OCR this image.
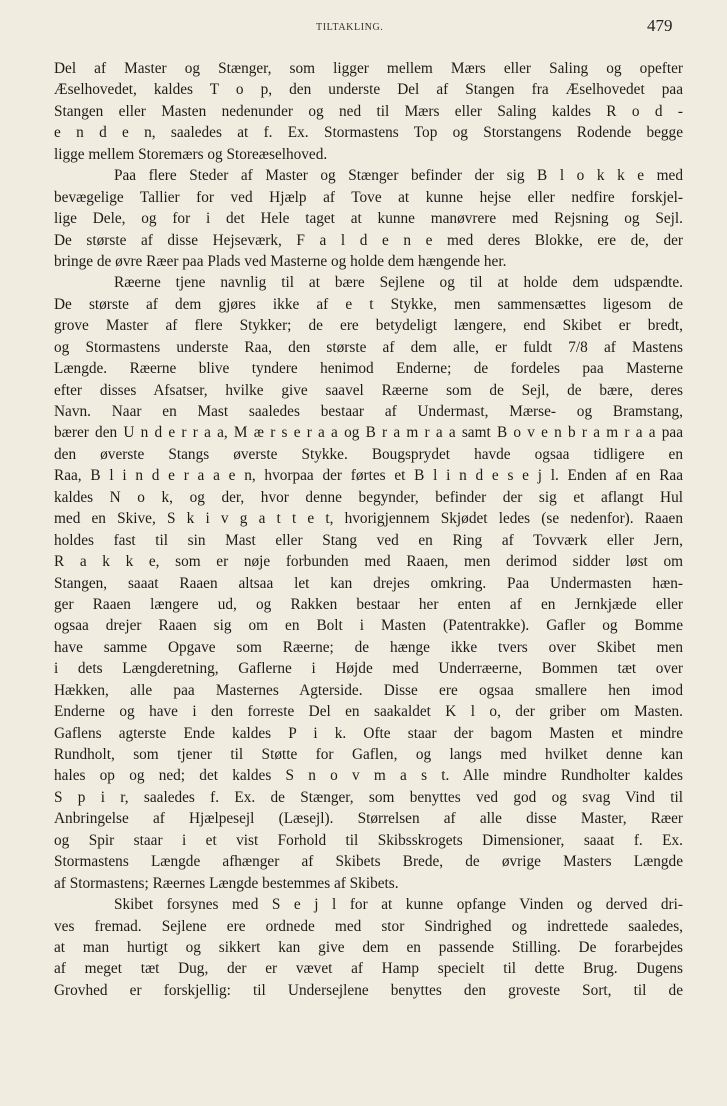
TILTAKLING.	479
Del af Master og Stænger, som ligger mellem Mærs eller Saling og opefter
Æselhovedet, kaldes T o p, den underste Del af Stangen fra Æselhovedet paa
Stangen eller Masten nedenunder og ned til Mærs eller Saling kaldes R o d -
e n d e n, saaledes at f. Ex. Stormastens Top og Storstangens Rodende begge
ligge mellem Storemærs og Storeæselhoved.
Paa flere Steder af Master og Stænger befinder der sig B l o k k e med
bevægelige Tallier for ved Hjælp af Tove at kunne hejse eller nedfire forskjel-
lige Dele, og for i det Hele taget at kunne manøvrere med Rejsning og Sejl.
De største af disse Hejseværk, F a l d e n e med deres Blokke, ere de, der
bringe de øvre Ræer paa Plads ved Masterne og holde dem hængende her.
Ræerne tjene navnlig til at bære Sejlene og til at holde dem udspændte.
De største af dem gjøres ikke af e t Stykke, men sammensættes ligesom de
grove Master af flere Stykker; de ere betydeligt længere, end Skibet er bredt,
og Stormastens underste Raa, den største af dem alle, er fuldt 7/8 af Mastens
Længde. Ræerne blive tyndere henimod Enderne; de fordeles paa Masterne
efter disses Afsatser, hvilke give saavel Ræerne som de Sejl, de bære, deres
Navn. Naar en Mast saaledes bestaar af Undermast, Mærse- og Bramstang,
bærer den U n d e r r a a, M æ r s e r a a og B r a m r a a samt B o v e n b r a m r a a paa
den øverste Stangs øverste Stykke. Bougsprydet havde ogsaa tidligere en
Raa, B l i n d e r a a e n, hvorpaa der førtes et B l i n d e s e j l. Enden af en Raa
kaldes N o k, og der, hvor denne begynder, befinder der sig et aflangt Hul
med en Skive, S k i v g a t t e t, hvorigjennem Skjødet ledes (se nedenfor). Raaen
holdes fast til sin Mast eller Stang ved en Ring af Tovværk eller Jern,
R a k k e, som er nøje forbunden med Raaen, men derimod sidder løst om
Stangen, saaat Raaen altsaa let kan drejes omkring. Paa Undermasten hæn-
ger Raaen længere ud, og Rakken bestaar her enten af en Jernkjæde eller
ogsaa drejer Raaen sig om en Bolt i Masten (Patentrakke). Gafler og Bomme
have samme Opgave som Ræerne; de hænge ikke tvers over Skibet men
i dets Længderetning, Gaflerne i Højde med Underræerne, Bommen tæt over
Hækken, alle paa Masternes Agterside. Disse ere ogsaa smallere hen imod
Enderne og have i den forreste Del en saakaldet K l o, der griber om Masten.
Gaflens agterste Ende kaldes P i k. Ofte staar der bagom Masten et mindre
Rundholt, som tjener til Støtte for Gaflen, og langs med hvilket denne kan
hales op og ned; det kaldes S n o v m a s t. Alle mindre Rundholter kaldes
S p i r, saaledes f. Ex. de Stænger, som benyttes ved god og svag Vind til
Anbringelse af Hjælpesejl (Læsejl). Størrelsen af alle disse Master, Ræer
og Spir staar i et vist Forhold til Skibsskrogets Dimensioner, saaat f. Ex.
Stormastens Længde afhænger af Skibets Brede, de øvrige Masters Længde
af Stormastens; Ræernes Længde bestemmes af Skibets.
Skibet forsynes med S e j l for at kunne opfange Vinden og derved dri-
ves fremad. Sejlene ere ordnede med stor Sindrighed og indrettede saaledes,
at man hurtigt og sikkert kan give dem en passende Stilling. De forarbejdes
af meget tæt Dug, der er vævet af Hamp specielt til dette Brug. Dugens
Grovhed er forskjellig: til Undersejlene benyttes den groveste Sort, til de
